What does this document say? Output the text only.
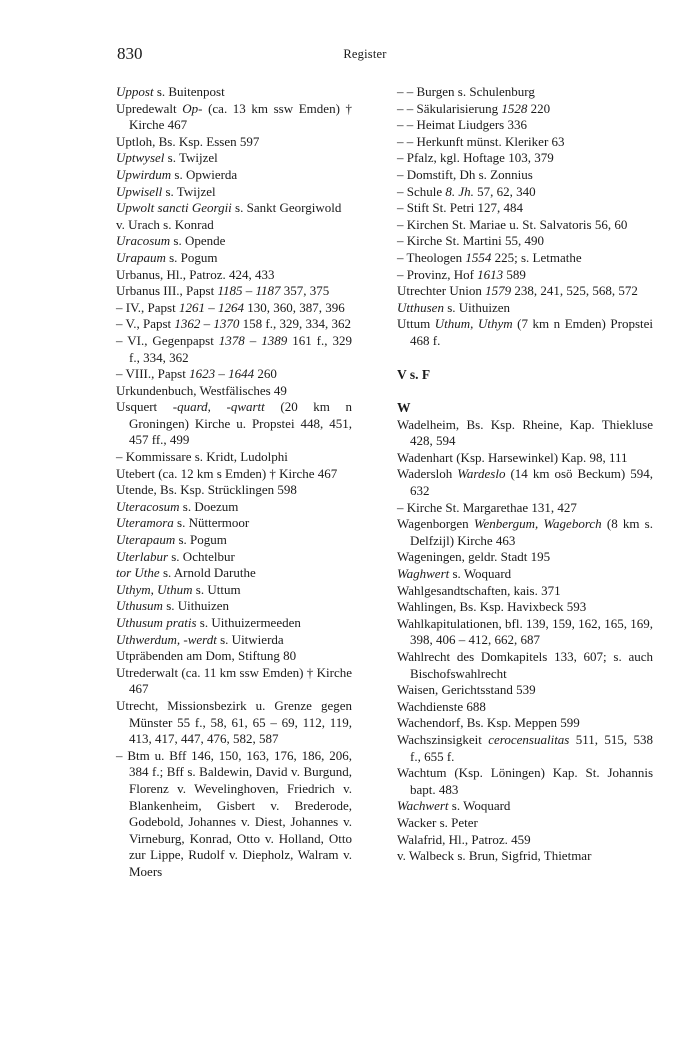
830	Register

Uppost s. Buitenpost

Upredewalt Op- (ca. 13 km ssw Emden) † Kirche 467

Uptloh, Bs. Ksp. Essen 597

Uptwysel s. Twijzel

Upwirdum s. Opwierda

Upwisell s. Twijzel

Upwolt sancti Georgii s. Sankt Georgiwold

v. Urach s. Konrad

Uracosum s. Opende

Urapaum s. Pogum

Urbanus, Hl., Patroz. 424, 433

Urbanus III., Papst 1185 – 1187 357, 375

– IV., Papst 1261 – 1264 130, 360, 387, 396

– V., Papst 1362 – 1370 158 f., 329, 334, 362

– VI., Gegenpapst 1378 – 1389 161 f., 329 f., 334, 362

– VIII., Papst 1623 – 1644 260

Urkundenbuch, Westfälisches 49

Usquert -quard, -qwartt (20 km n Groningen) Kirche u. Propstei 448, 451, 457 ff., 499

– Kommissare s. Kridt, Ludolphi

Utebert (ca. 12 km s Emden) † Kirche 467

Utende, Bs. Ksp. Strücklingen 598

Uteracosum s. Doezum

Uteramora s. Nüttermoor

Uterapaum s. Pogum

Uterlabur s. Ochtelbur

tor Uthe s. Arnold Daruthe

Uthym, Uthum s. Uttum

Uthusum s. Uithuizen

Uthusum pratis s. Uithuizermeeden

Uthwerdum, -werdt s. Uitwierda

Utpräbenden am Dom, Stiftung 80

Utrederwalt (ca. 11 km ssw Emden) † Kirche 467

Utrecht, Missionsbezirk u. Grenze gegen Münster 55 f., 58, 61, 65 – 69, 112, 119, 413, 417, 447, 476, 582, 587

– Btm u. Bff 146, 150, 163, 176, 186, 206, 384 f.; Bff s. Baldewin, David v. Burgund, Florenz v. Wevelinghoven, Friedrich v. Blankenheim, Gisbert v. Brederode, Godebold, Johannes v. Diest, Johannes v. Virneburg, Konrad, Otto v. Holland, Otto zur Lippe, Rudolf v. Diepholz, Walram v. Moers

– – Burgen s. Schulenburg

– – Säkularisierung 1528 220

– – Heimat Liudgers 336

– – Herkunft münst. Kleriker 63

– Pfalz, kgl. Hoftage 103, 379

– Domstift, Dh s. Zonnius

– Schule 8. Jh. 57, 62, 340

– Stift St. Petri 127, 484

– Kirchen St. Mariae u. St. Salvatoris 56, 60

– Kirche St. Martini 55, 490

– Theologen 1554 225; s. Letmathe

– Provinz, Hof 1613 589

Utrechter Union 1579 238, 241, 525, 568, 572

Utthusen s. Uithuizen

Uttum Uthum, Uthym (7 km n Emden) Propstei 468 f.

V s. F

W

Wadelheim, Bs. Ksp. Rheine, Kap. Thiekluse 428, 594

Wadenhart (Ksp. Harsewinkel) Kap. 98, 111

Wadersloh Wardeslo (14 km osö Beckum) 594, 632

– Kirche St. Margarethae 131, 427

Wagenborgen Wenbergum, Wageborch (8 km s. Delfzijl) Kirche 463

Wageningen, geldr. Stadt 195

Waghwert s. Woquard

Wahlgesandtschaften, kais. 371

Wahlingen, Bs. Ksp. Havixbeck 593

Wahlkapitulationen, bfl. 139, 159, 162, 165, 169, 398, 406 – 412, 662, 687

Wahlrecht des Domkapitels 133, 607; s. auch Bischofswahlrecht

Waisen, Gerichtsstand 539

Wachdienste 688

Wachendorf, Bs. Ksp. Meppen 599

Wachszinsigkeit cerocensualitas 511, 515, 538 f., 655 f.

Wachtum (Ksp. Löningen) Kap. St. Johannis bapt. 483

Wachwert s. Woquard

Wacker s. Peter

Walafrid, Hl., Patroz. 459

v. Walbeck s. Brun, Sigfrid, Thietmar
